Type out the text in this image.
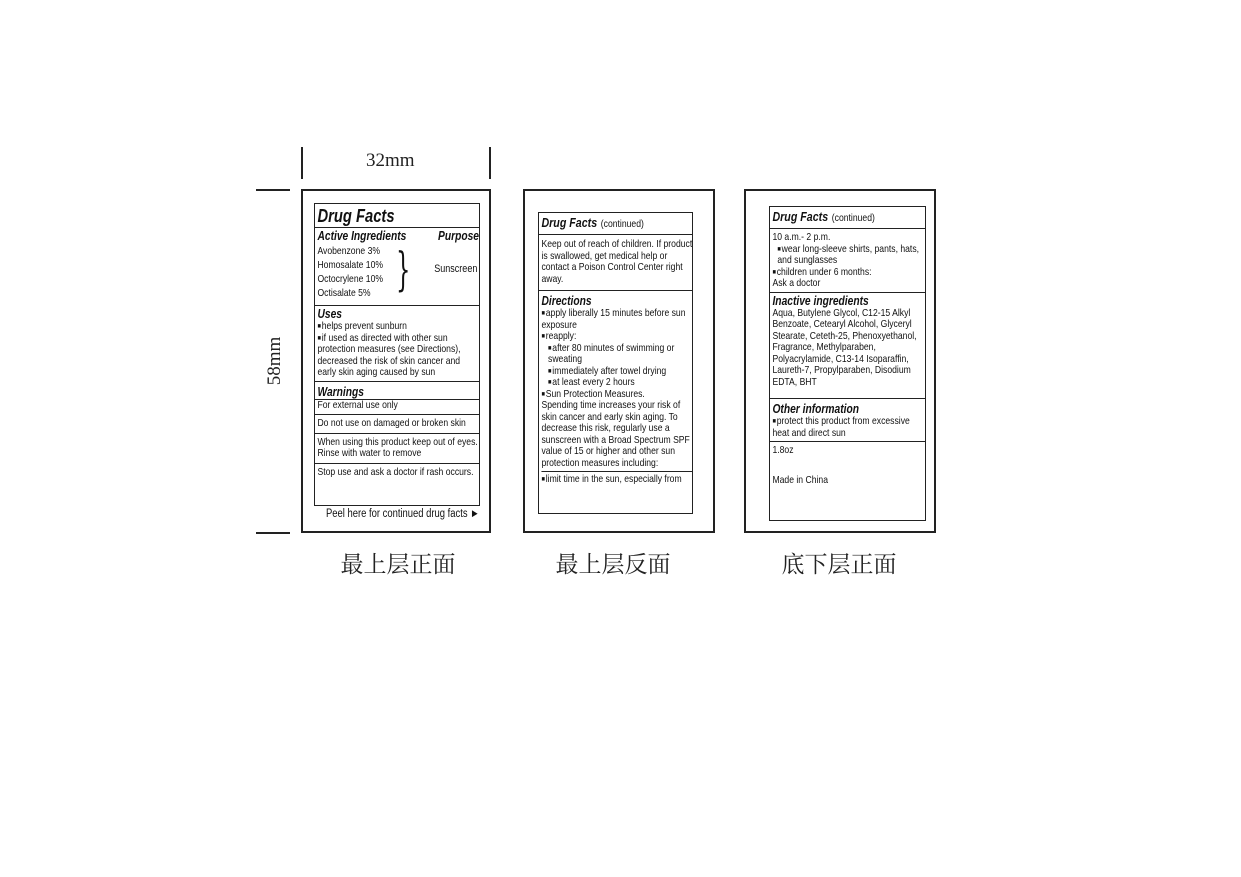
32mm
58mm
Drug Facts
Active Ingredients	Purpose
Avobenzone 3%
Homosalate 10%
Octocrylene 10%
Octisalate 5% } Sunscreen
Uses
■ helps prevent sunburn
■ if used as directed with other sun protection measures (see Directions), decreased the risk of skin cancer and early skin aging caused by sun
Warnings
For external use only
Do not use on damaged or broken skin
When using this product keep out of eyes. Rinse with water to remove
Stop use and ask a doctor if rash occurs.
Peel here for continued drug facts ►
最上层正面
Drug Facts (continued)
Keep out of reach of children. If product is swallowed, get medical help or contact a Poison Control Center right away.
Directions
■ apply liberally 15 minutes before sun exposure
■ reapply:
■ after 80 minutes of swimming or sweating
■ immediately after towel drying
■ at least every 2 hours
■ Sun Protection Measures.
Spending time increases your risk of skin cancer and early skin aging. To decrease this risk, regularly use a sunscreen with a Broad Spectrum SPF value of 15 or higher and other sun protection measures including:
■ limit time in the sun, especially from
最上层反面
Drug Facts (continued)
10 a.m.- 2 p.m.
■ wear long-sleeve shirts, pants, hats, and sunglasses
■ children under 6 months:
Ask a doctor
Inactive ingredients
Aqua, Butylene Glycol, C12-15 Alkyl Benzoate, Cetearyl Alcohol, Glyceryl Stearate, Ceteth-25, Phenoxyethanol, Fragrance, Methylparaben, Polyacrylamide, C13-14 Isoparaffin, Laureth-7, Propylparaben, Disodium EDTA, BHT
Other information
■ protect this product from excessive heat and direct sun
1.8oz
Made in China
底下层正面
